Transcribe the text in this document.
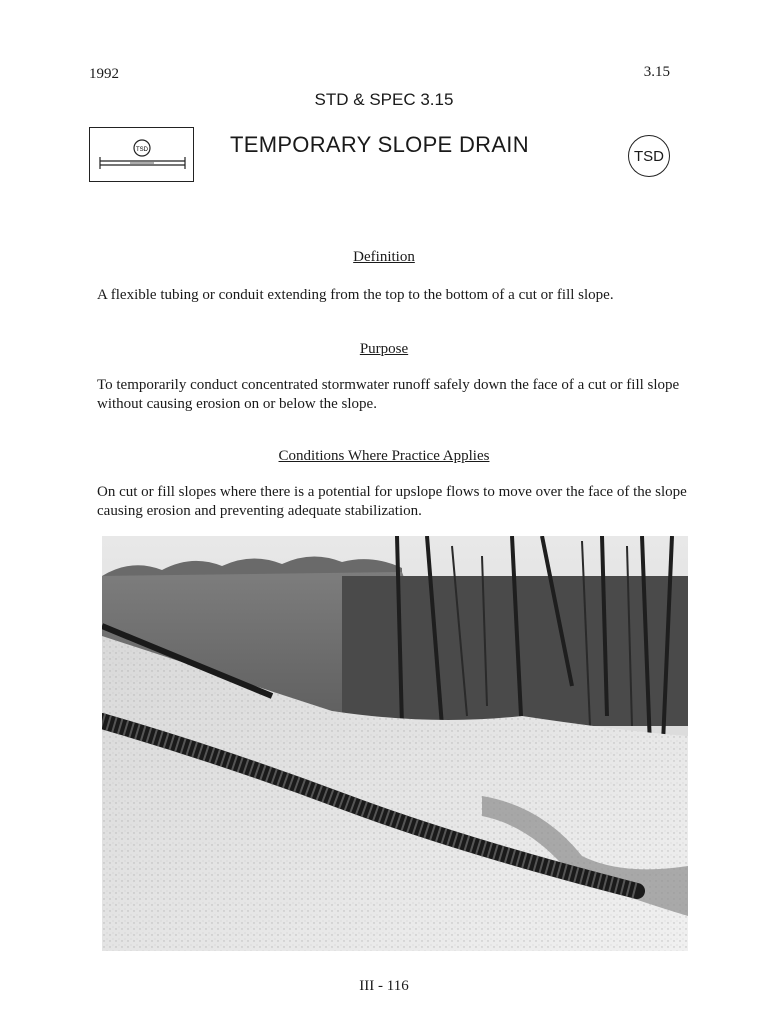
1992	3.15
STD & SPEC 3.15
TSD	TEMPORARY SLOPE DRAIN	TSD
Definition
A flexible tubing or conduit extending from the top to the bottom of a cut or fill slope.
Purpose
To temporarily conduct concentrated stormwater runoff safely down the face of a cut or fill slope without causing erosion on or below the slope.
Conditions Where Practice Applies
On cut or fill slopes where there is a potential for upslope flows to move over the face of the slope causing erosion and preventing adequate stabilization.
III - 116
